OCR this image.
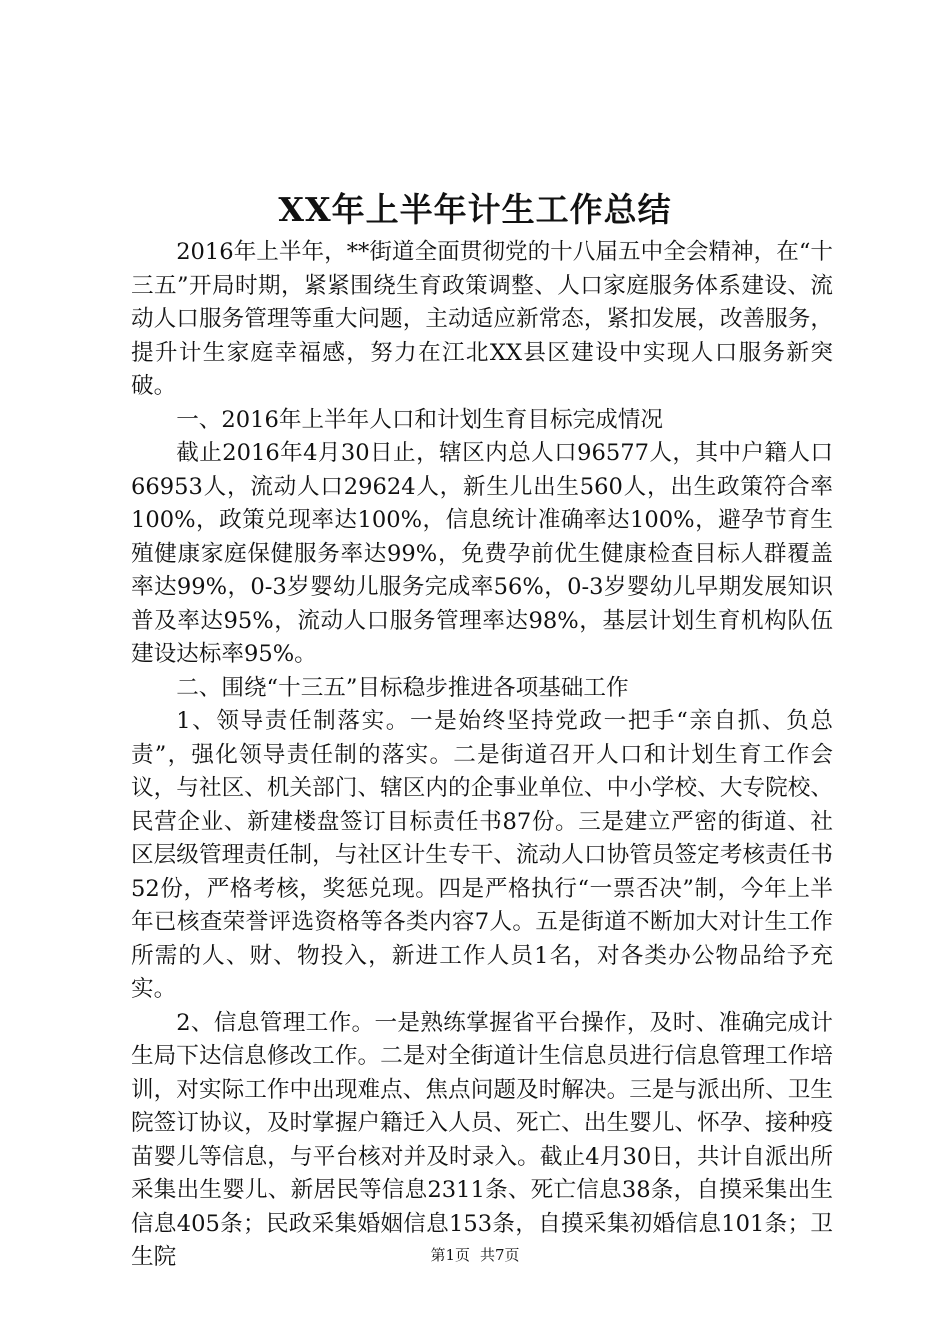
XX年上半年计生工作总结

2016年上半年，**街道全面贯彻党的十八届五中全会精神，在“十三五”开局时期，紧紧围绕生育政策调整、人口家庭服务体系建设、流动人口服务管理等重大问题，主动适应新常态，紧扣发展，改善服务，提升计生家庭幸福感，努力在江北XX县区建设中实现人口服务新突破。

一、2016年上半年人口和计划生育目标完成情况

截止2016年4月30日止，辖区内总人口96577人，其中户籍人口66953人，流动人口29624人，新生儿出生560人，出生政策符合率100%，政策兑现率达100%，信息统计准确率达100%，避孕节育生殖健康家庭保健服务率达99%，免费孕前优生健康检查目标人群覆盖率达99%，0-3岁婴幼儿服务完成率56%，0-3岁婴幼儿早期发展知识普及率达95%，流动人口服务管理率达98%，基层计划生育机构队伍建设达标率95%。

二、围绕“十三五”目标稳步推进各项基础工作

1、领导责任制落实。一是始终坚持党政一把手“亲自抓、负总责”，强化领导责任制的落实。二是街道召开人口和计划生育工作会议，与社区、机关部门、辖区内的企事业单位、中小学校、大专院校、民营企业、新建楼盘签订目标责任书87份。三是建立严密的街道、社区层级管理责任制，与社区计生专干、流动人口协管员签定考核责任书52份，严格考核，奖惩兑现。四是严格执行“一票否决”制，今年上半年已核查荣誉评选资格等各类内容7人。五是街道不断加大对计生工作所需的人、财、物投入，新进工作人员1名，对各类办公物品给予充实。

2、信息管理工作。一是熟练掌握省平台操作，及时、准确完成计生局下达信息修改工作。二是对全街道计生信息员进行信息管理工作培训，对实际工作中出现难点、焦点问题及时解决。三是与派出所、卫生院签订协议，及时掌握户籍迁入人员、死亡、出生婴儿、怀孕、接种疫苗婴儿等信息，与平台核对并及时录入。截止4月30日，共计自派出所采集出生婴儿、新居民等信息2311条、死亡信息38条，自摸采集出生信息405条；民政采集婚姻信息153条，自摸采集初婚信息101条；卫生院	第1页 共7页
